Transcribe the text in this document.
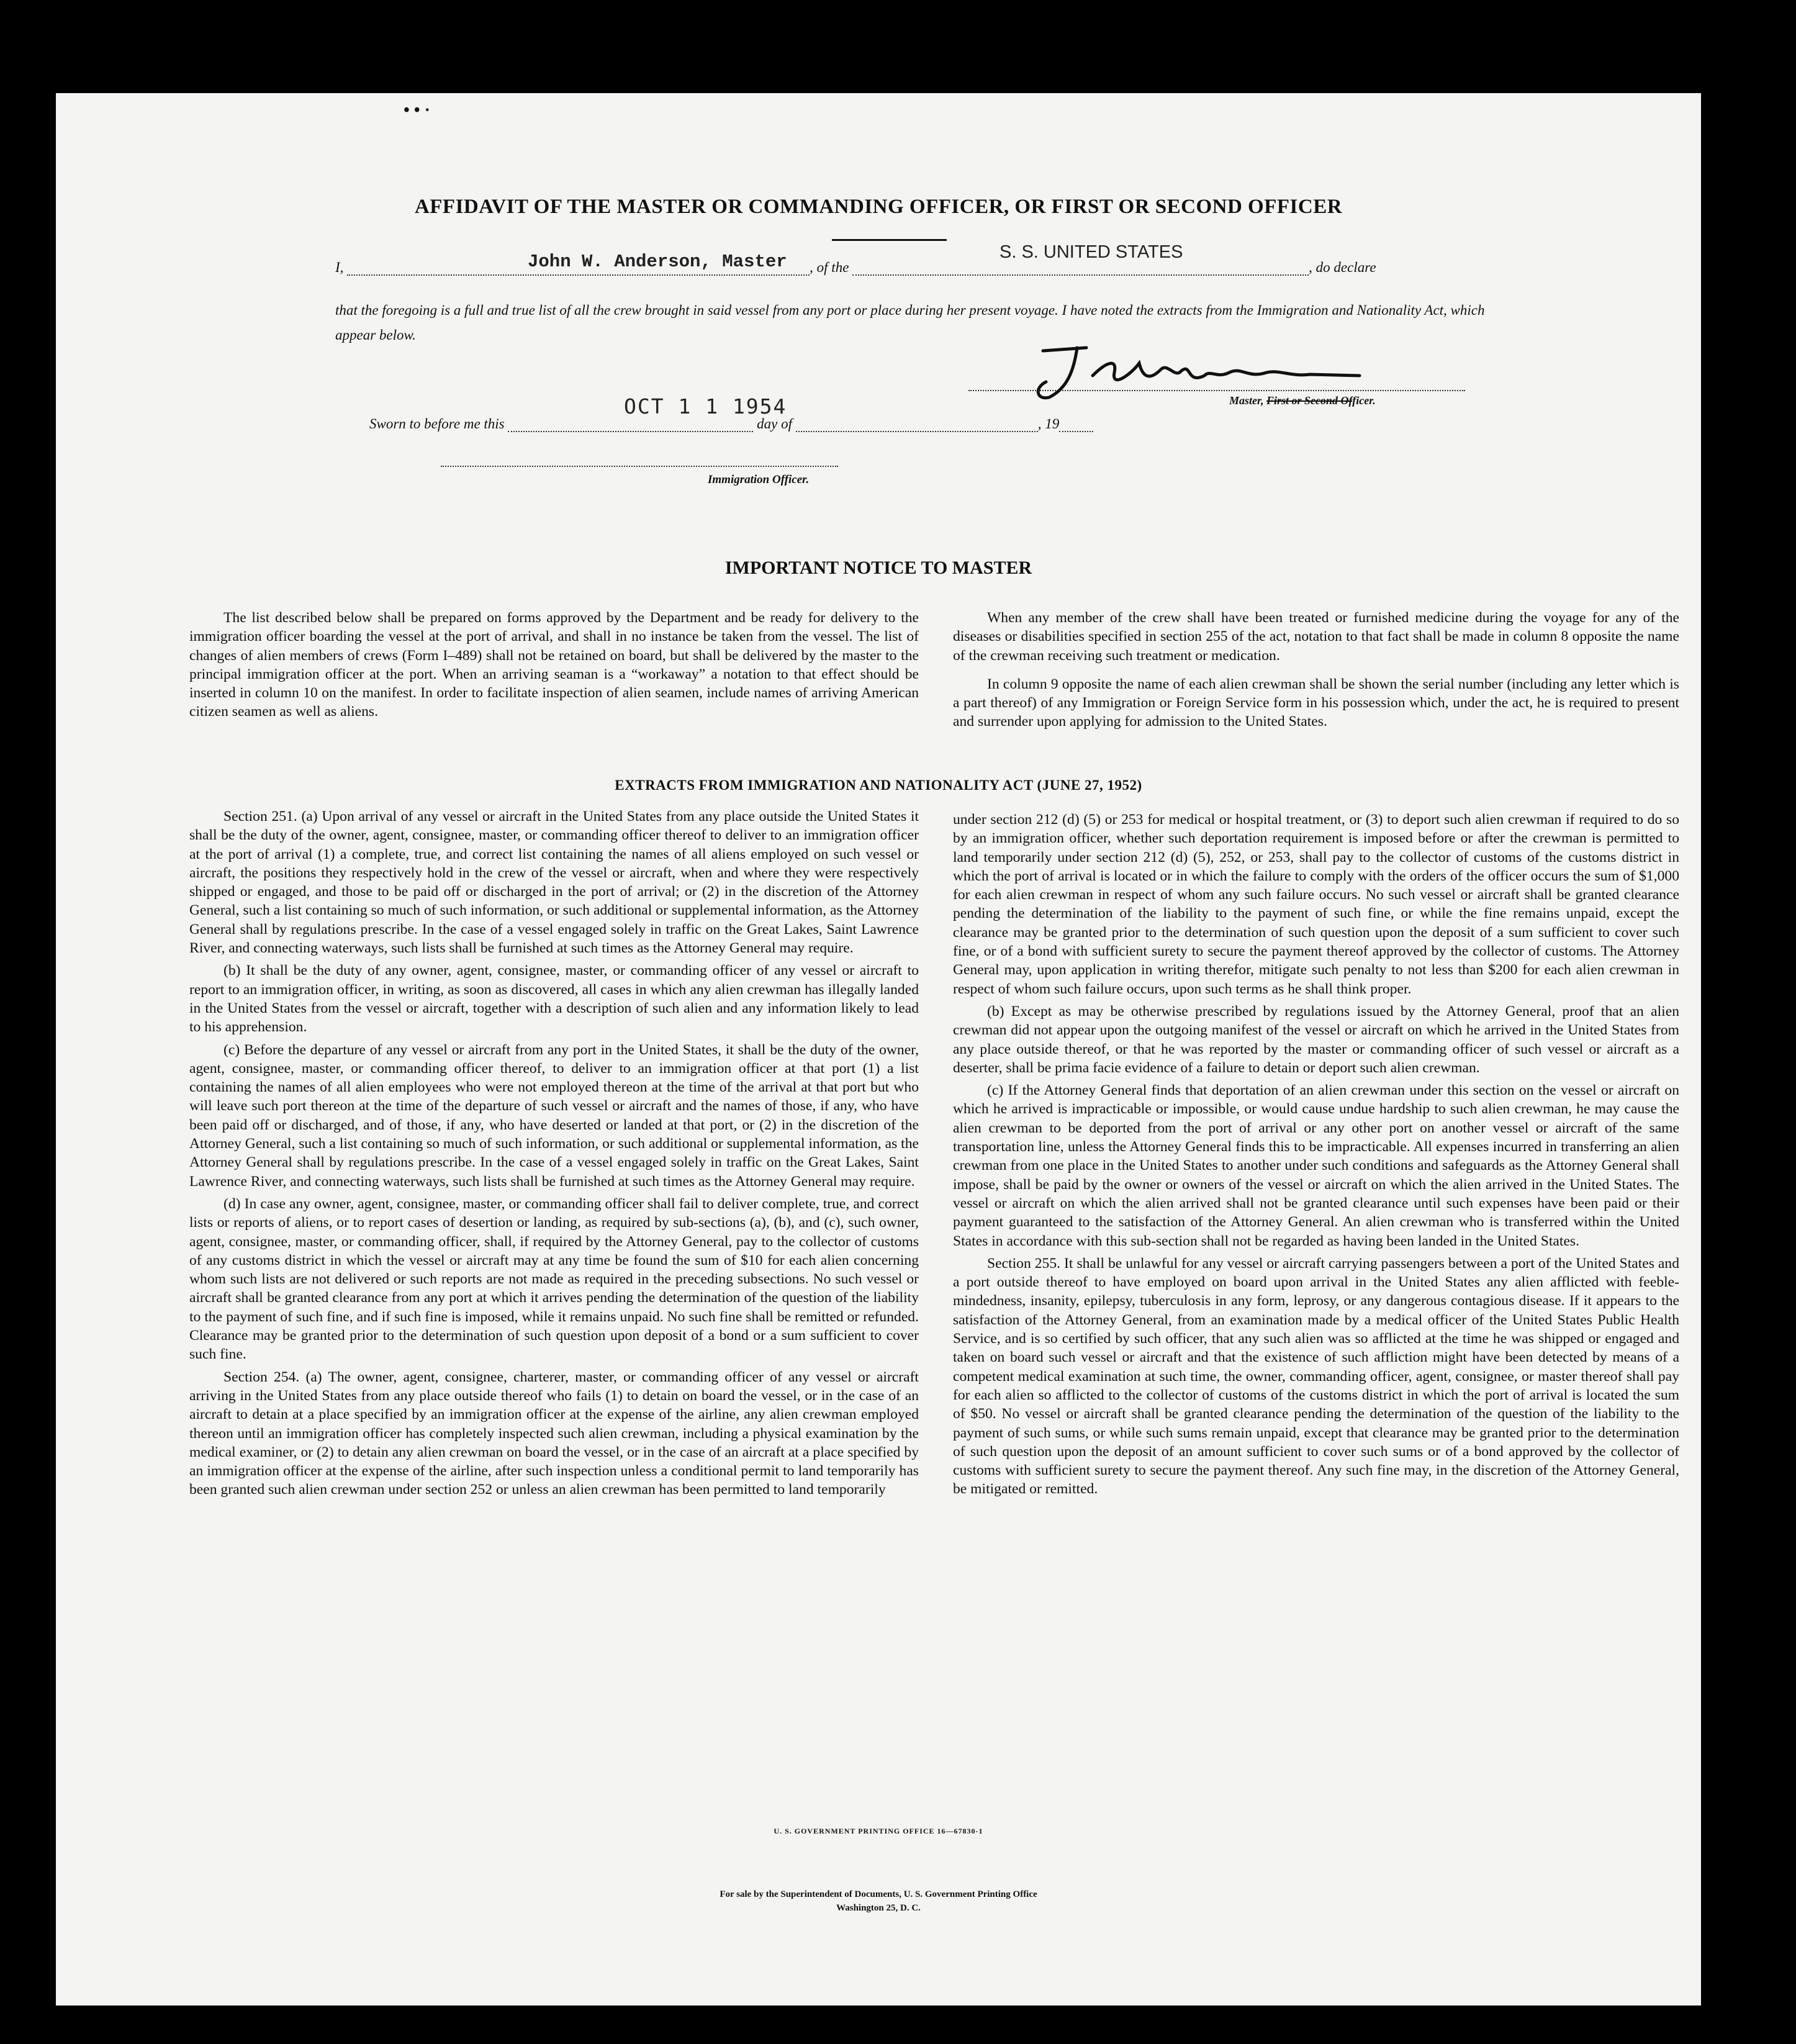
• • ·
AFFIDAVIT OF THE MASTER OR COMMANDING OFFICER, OR FIRST OR SECOND OFFICER
I,	, of the	, do declare
John W. Anderson, Master	S. S. UNITED STATES
that the foregoing is a full and true list of all the crew brought in said vessel from any port or place during her present voyage. I have noted the extracts from the Immigration and Nationality Act, which appear below.
Master, First or Second Officer.
Sworn to before me this	day of	, 19
OCT 1 1 1954
Immigration Officer.
IMPORTANT NOTICE TO MASTER

The list described below shall be prepared on forms approved by the Department and be ready for delivery to the immigration officer boarding the vessel at the port of arrival, and shall in no instance be taken from the vessel. The list of changes of alien members of crews (Form I–489) shall not be retained on board, but shall be delivered by the master to the principal immigration officer at the port. When an arriving seaman is a “workaway” a notation to that effect should be inserted in column 10 on the manifest. In order to facilitate inspection of alien seamen, include names of arriving American citizen seamen as well as aliens.

When any member of the crew shall have been treated or furnished medicine during the voyage for any of the diseases or disabilities specified in section 255 of the act, notation to that fact shall be made in column 8 opposite the name of the crewman receiving such treatment or medication.

In column 9 opposite the name of each alien crewman shall be shown the serial number (including any letter which is a part thereof) of any Immigration or Foreign Service form in his possession which, under the act, he is required to present and surrender upon applying for admission to the United States.

EXTRACTS FROM IMMIGRATION AND NATIONALITY ACT (JUNE 27, 1952)

Section 251. (a) Upon arrival of any vessel or aircraft in the United States from any place outside the United States it shall be the duty of the owner, agent, consignee, master, or commanding officer thereof to deliver to an immigration officer at the port of arrival (1) a complete, true, and correct list containing the names of all aliens employed on such vessel or aircraft, the positions they respectively hold in the crew of the vessel or aircraft, when and where they were respectively shipped or engaged, and those to be paid off or discharged in the port of arrival; or (2) in the discretion of the Attorney General, such a list containing so much of such information, or such additional or supplemental information, as the Attorney General shall by regulations prescribe. In the case of a vessel engaged solely in traffic on the Great Lakes, Saint Lawrence River, and connecting waterways, such lists shall be furnished at such times as the Attorney General may require.

(b) It shall be the duty of any owner, agent, consignee, master, or commanding officer of any vessel or aircraft to report to an immigration officer, in writing, as soon as discovered, all cases in which any alien crewman has illegally landed in the United States from the vessel or aircraft, together with a description of such alien and any information likely to lead to his apprehension.

(c) Before the departure of any vessel or aircraft from any port in the United States, it shall be the duty of the owner, agent, consignee, master, or commanding officer thereof, to deliver to an immigration officer at that port (1) a list containing the names of all alien employees who were not employed thereon at the time of the arrival at that port but who will leave such port thereon at the time of the departure of such vessel or aircraft and the names of those, if any, who have been paid off or discharged, and of those, if any, who have deserted or landed at that port, or (2) in the discretion of the Attorney General, such a list containing so much of such information, or such additional or supplemental information, as the Attorney General shall by regulations prescribe. In the case of a vessel engaged solely in traffic on the Great Lakes, Saint Lawrence River, and connecting waterways, such lists shall be furnished at such times as the Attorney General may require.

(d) In case any owner, agent, consignee, master, or commanding officer shall fail to deliver complete, true, and correct lists or reports of aliens, or to report cases of desertion or landing, as required by sub-sections (a), (b), and (c), such owner, agent, consignee, master, or commanding officer, shall, if required by the Attorney General, pay to the collector of customs of any customs district in which the vessel or aircraft may at any time be found the sum of $10 for each alien concerning whom such lists are not delivered or such reports are not made as required in the preceding subsections. No such vessel or aircraft shall be granted clearance from any port at which it arrives pending the determination of the question of the liability to the payment of such fine, and if such fine is imposed, while it remains unpaid. No such fine shall be remitted or refunded. Clearance may be granted prior to the determination of such question upon deposit of a bond or a sum sufficient to cover such fine.

Section 254. (a) The owner, agent, consignee, charterer, master, or commanding officer of any vessel or aircraft arriving in the United States from any place outside thereof who fails (1) to detain on board the vessel, or in the case of an aircraft to detain at a place specified by an immigration officer at the expense of the airline, any alien crewman employed thereon until an immigration officer has completely inspected such alien crewman, including a physical examination by the medical examiner, or (2) to detain any alien crewman on board the vessel, or in the case of an aircraft at a place specified by an immigration officer at the expense of the airline, after such inspection unless a conditional permit to land temporarily has been granted such alien crewman under section 252 or unless an alien crewman has been permitted to land temporarily

under section 212 (d) (5) or 253 for medical or hospital treatment, or (3) to deport such alien crewman if required to do so by an immigration officer, whether such deportation requirement is imposed before or after the crewman is permitted to land temporarily under section 212 (d) (5), 252, or 253, shall pay to the collector of customs of the customs district in which the port of arrival is located or in which the failure to comply with the orders of the officer occurs the sum of $1,000 for each alien crewman in respect of whom any such failure occurs. No such vessel or aircraft shall be granted clearance pending the determination of the liability to the payment of such fine, or while the fine remains unpaid, except the clearance may be granted prior to the determination of such question upon the deposit of a sum sufficient to cover such fine, or of a bond with sufficient surety to secure the payment thereof approved by the collector of customs. The Attorney General may, upon application in writing therefor, mitigate such penalty to not less than $200 for each alien crewman in respect of whom such failure occurs, upon such terms as he shall think proper.

(b) Except as may be otherwise prescribed by regulations issued by the Attorney General, proof that an alien crewman did not appear upon the outgoing manifest of the vessel or aircraft on which he arrived in the United States from any place outside thereof, or that he was reported by the master or commanding officer of such vessel or aircraft as a deserter, shall be prima facie evidence of a failure to detain or deport such alien crewman.

(c) If the Attorney General finds that deportation of an alien crewman under this section on the vessel or aircraft on which he arrived is impracticable or impossible, or would cause undue hardship to such alien crewman, he may cause the alien crewman to be deported from the port of arrival or any other port on another vessel or aircraft of the same transportation line, unless the Attorney General finds this to be impracticable. All expenses incurred in transferring an alien crewman from one place in the United States to another under such conditions and safeguards as the Attorney General shall impose, shall be paid by the owner or owners of the vessel or aircraft on which the alien arrived in the United States. The vessel or aircraft on which the alien arrived shall not be granted clearance until such expenses have been paid or their payment guaranteed to the satisfaction of the Attorney General. An alien crewman who is transferred within the United States in accordance with this sub-section shall not be regarded as having been landed in the United States.

Section 255. It shall be unlawful for any vessel or aircraft carrying passengers between a port of the United States and a port outside thereof to have employed on board upon arrival in the United States any alien afflicted with feeble-mindedness, insanity, epilepsy, tuberculosis in any form, leprosy, or any dangerous contagious disease. If it appears to the satisfaction of the Attorney General, from an examination made by a medical officer of the United States Public Health Service, and is so certified by such officer, that any such alien was so afflicted at the time he was shipped or engaged and taken on board such vessel or aircraft and that the existence of such affliction might have been detected by means of a competent medical examination at such time, the owner, commanding officer, agent, consignee, or master thereof shall pay for each alien so afflicted to the collector of customs of the customs district in which the port of arrival is located the sum of $50. No vessel or aircraft shall be granted clearance pending the determination of the question of the liability to the payment of such sums, or while such sums remain unpaid, except that clearance may be granted prior to the determination of such question upon the deposit of an amount sufficient to cover such sums or of a bond approved by the collector of customs with sufficient surety to secure the payment thereof. Any such fine may, in the discretion of the Attorney General, be mitigated or remitted.

U. S. GOVERNMENT PRINTING OFFICE 16—67830-1
For sale by the Superintendent of Documents, U. S. Government Printing Office
Washington 25, D. C.
